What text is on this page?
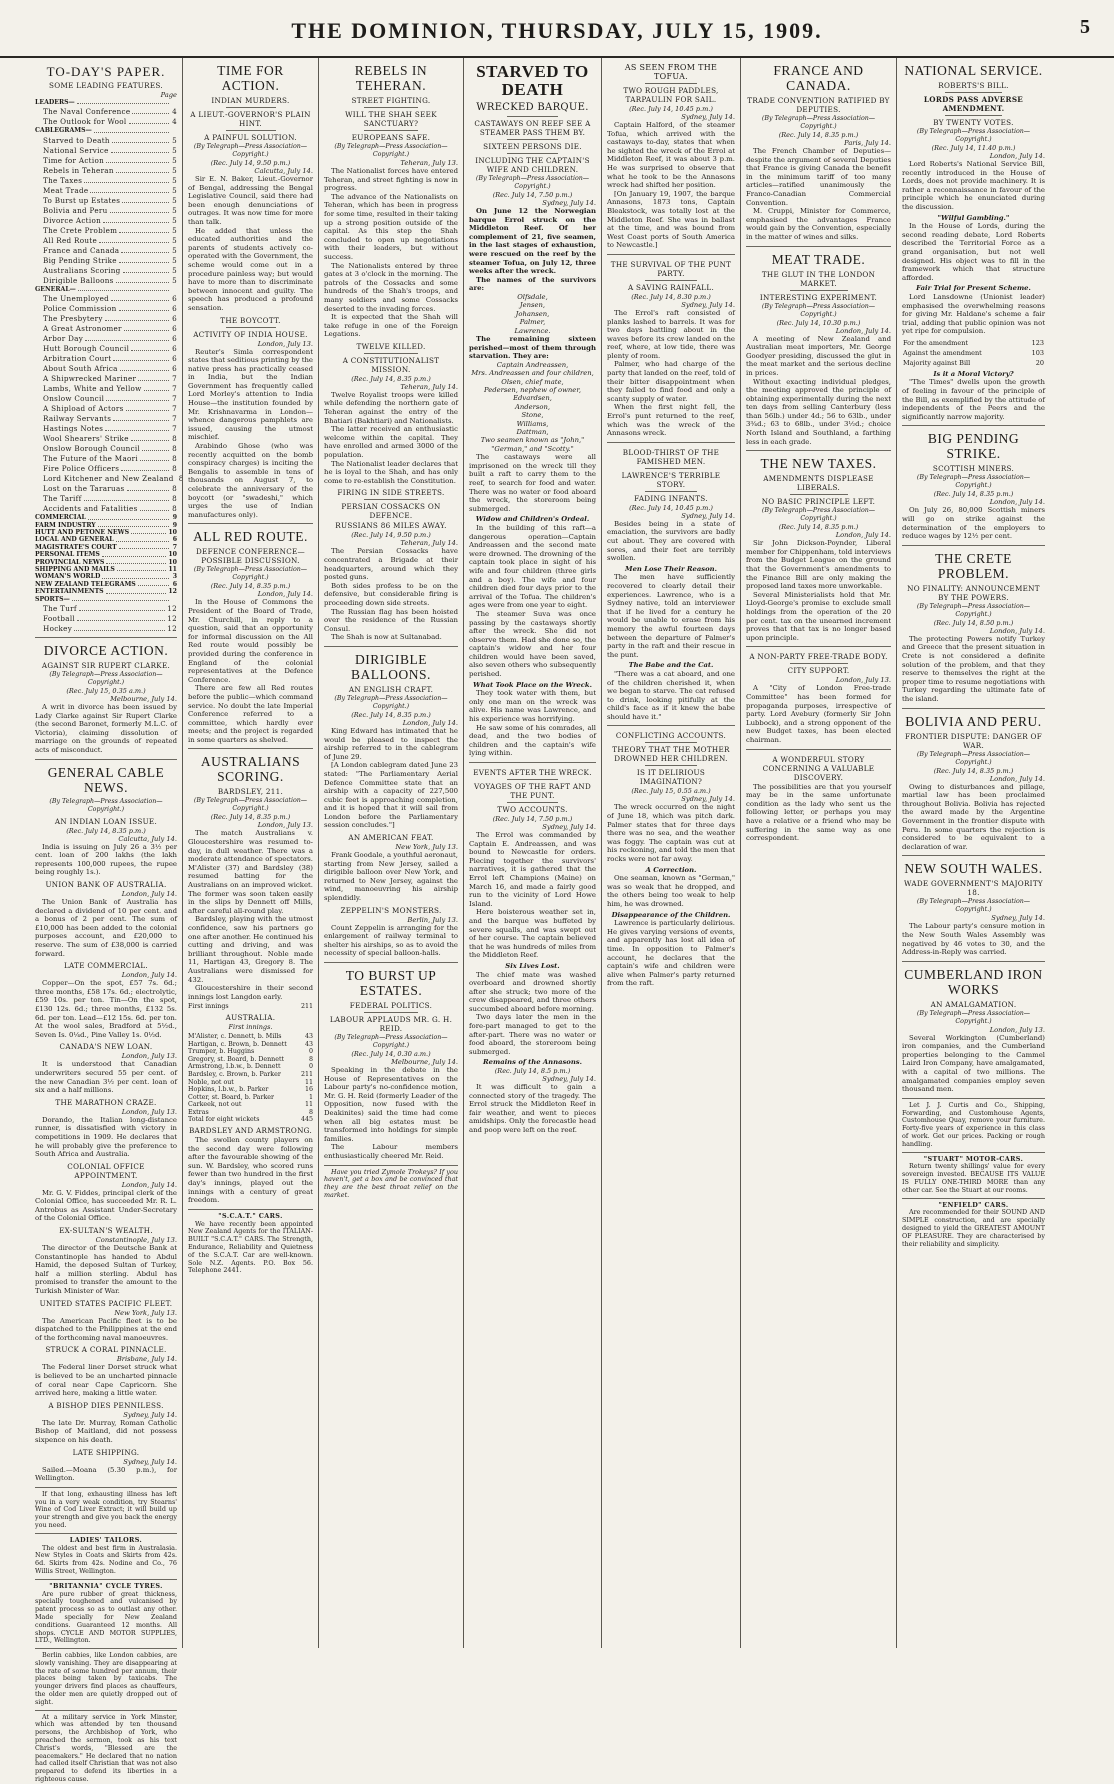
THE DOMINION, THURSDAY, JULY 15, 1909.	5
TO-DAY'S PAPER.
SOME LEADING FEATURES.
Page
LEADERS—
The Naval Conference	4
The Outlook for Wool	4
CABLEGRAMS—
Starved to Death	5
National Service	5
Time for Action	5
Rebels in Teheran	5
The Taxes	5
Meat Trade	5
To Burst up Estates	5
Bolivia and Peru	5
Divorce Action	5
The Crete Problem	5
All Red Route	5
France and Canada	5
Big Pending Strike	5
Australians Scoring	5
Dirigible Balloons	5
GENERAL—
The Unemployed	6
Police Commission	6
The Presbytery	6
A Great Astronomer	6
Arbor Day	6
Hutt Borough Council	6
Arbitration Court	6
About South Africa	6
A Shipwrecked Mariner	7
Lambs, White and Yellow	7
Onslow Council	7
A Shipload of Actors	7
Railway Servants	7
Hastings Notes	7
Wool Shearers' Strike	8
Onslow Borough Council	8
The Future of the Maori	8
Fire Police Officers	8
Lord Kitchener and New Zealand 8
Lost on the Tararuas	8
The Tariff	8
Accidents and Fatalities	8
COMMERCIAL	9
FARM INDUSTRY	9
HUTT AND PETONE NEWS	10
LOCAL AND GENERAL	6
MAGISTRATE'S COURT	7
PERSONAL ITEMS	10
PROVINCIAL NEWS	10
SHIPPING AND MAILS	11
WOMAN'S WORLD	3
NEW ZEALAND TELEGRAMS	6
ENTERTAINMENTS	12
SPORTS—
The Turf	12
Football	12
Hockey	12
DIVORCE ACTION.
AGAINST SIR RUPERT CLARKE.
(By Telegraph—Press Association—Copyright.)
(Rec. July 15, 0.35 a.m.)
Melbourne, July 14.

A writ in divorce has been issued by Lady Clarke against Sir Rupert Clarke (the second Baronet, formerly M.L.C. of Victoria), claiming dissolution of marriage on the grounds of repeated acts of misconduct.

GENERAL CABLE NEWS.
(By Telegraph—Press Association—Copyright.)
AN INDIAN LOAN ISSUE.
(Rec. July 14, 8.35 p.m.)
Calcutta, July 14.

India is issuing on July 26 a 3½ per cent. loan of 200 lakhs (the lakh represents 100,000 rupees, the rupee being roughly 1s.).

UNION BANK OF AUSTRALIA.
London, July 14.

The Union Bank of Australia has declared a dividend of 10 per cent. and a bonus of 2 per cent. The sum of £10,000 has been added to the colonial purposes account, and £20,000 to reserve. The sum of £38,000 is carried forward.

LATE COMMERCIAL.
London, July 14.

Copper—On the spot, £57 7s. 6d.; three months, £58 17s. 6d.; electrolytic, £59 10s. per ton. Tin—On the spot, £130 12s. 6d.; three months, £132 5s. 6d. per ton. Lead—£12 15s. 6d. per ton. At the wool sales, Bradford at 5½d., Seven Is. 0¼d., Pine Valley 1s. 0½d.

CANADA'S NEW LOAN.
London, July 13.

It is understood that Canadian underwriters secured 55 per cent. of the new Canadian 3½ per cent. loan of six and a half millions.

THE MARATHON CRAZE.
London, July 13.

Dorando, the Italian long-distance runner, is dissatisfied with victory in competitions in 1909. He declares that he will probably give the preference to South Africa and Australia.

COLONIAL OFFICE APPOINTMENT.
London, July 14.

Mr. G. V. Fiddes, principal clerk of the Colonial Office, has succeeded Mr. R. L. Antrobus as Assistant Under-Secretary of the Colonial Office.

EX-SULTAN'S WEALTH.
Constantinople, July 13.

The director of the Deutsche Bank at Constantinople has handed to Abdul Hamid, the deposed Sultan of Turkey, half a million sterling. Abdul has promised to transfer the amount to the Turkish Minister of War.

UNITED STATES PACIFIC FLEET.
New York, July 13.

The American Pacific fleet is to be dispatched to the Philippines at the end of the forthcoming naval manoeuvres.

STRUCK A CORAL PINNACLE.
Brisbane, July 14.

The Federal liner Dorset struck what is believed to be an uncharted pinnacle of coral near Cape Capricorn. She arrived here, making a little water.

A BISHOP DIES PENNILESS.
Sydney, July 14.

The late Dr. Murray, Roman Catholic Bishop of Maitland, did not possess sixpence on his death.

LATE SHIPPING.
Sydney, July 14.

Sailed.—Moana (5.30 p.m.), for Wellington.

If that long, exhausting illness has left you in a very weak condition, try Stearns' Wine of Cod Liver Extract; it will build up your strength and give you back the energy you need.

LADIES' TAILORS.

The oldest and best firm in Australasia. New Styles in Coats and Skirts from 42s. 6d. Skirts from 42s. Nodine and Co., 76 Willis Street, Wellington.

"BRITANNIA" CYCLE TYRES.

Are pure rubber of great thickness, specially toughened and vulcanised by patent process so as to outlast any other. Made specially for New Zealand conditions. Guaranteed 12 months. All shops. CYCLE AND MOTOR SUPPLIES, LTD., Wellington.

Berlin cabbies, like London cabbies, are slowly vanishing. They are disappearing at the rate of some hundred per annum, their places being taken by taxicabs. The younger drivers find places as chauffeurs, the older men are quietly dropped out of sight.

At a military service in York Minster, which was attended by ten thousand persons, the Archbishop of York, who preached the sermon, took as his text Christ's words, "Blessed are the peacemakers." He declared that no nation had called itself Christian that was not also prepared to defend its liberties in a righteous cause.

TIME FOR ACTION.
INDIAN MURDERS.
A LIEUT.-GOVERNOR'S PLAIN HINT.
A PAINFUL SOLUTION.
(By Telegraph—Press Association—Copyright.)
(Rec. July 14, 9.50 p.m.)
Calcutta, July 14.

Sir E. N. Baker, Lieut.-Governor of Bengal, addressing the Bengal Legislative Council, said there had been enough denunciations of outrages. It was now time for more than talk.

He added that unless the educated authorities and the parents of students actively co-operated with the Government, the scheme would come out in a procedure painless way; but would have to more than to discriminate between innocent and guilty. The speech has produced a profound sensation.

THE BOYCOTT.
ACTIVITY OF INDIA HOUSE.
London, July 13.

Reuter's Simla correspondent states that seditious printing by the native press has practically ceased in India, but the Indian Government has frequently called Lord Morley's attention to India House—the institution founded by Mr. Krishnavarma in London—whence dangerous pamphlets are issued, causing the utmost mischief.

Arabindo Ghose (who was recently acquitted on the bomb conspiracy charges) is inciting the Bengalis to assemble in tens of thousands on August 7, to celebrate the anniversary of the boycott (or "swadeshi," which urges the use of Indian manufactures only).

ALL RED ROUTE.
DEFENCE CONFERENCE—POSSIBLE DISCUSSION.
(By Telegraph—Press Association—Copyright.)
(Rec. July 14, 8.35 p.m.)
London, July 14.

In the House of Commons the President of the Board of Trade, Mr. Churchill, in reply to a question, said that an opportunity for informal discussion on the All Red route would possibly be provided during the conference in England of the colonial representatives at the Defence Conference.

There are few all Red routes before the public—which command service. No doubt the late Imperial Conference referred to a committee, which hardly ever meets; and the project is regarded in some quarters as shelved.

AUSTRALIANS SCORING.
BARDSLEY, 211.
(By Telegraph—Press Association—Copyright.)
(Rec. July 14, 8.35 p.m.)
London, July 13.

The match Australians v. Gloucestershire was resumed to-day, in dull weather. There was a moderate attendance of spectators. M'Alister (37) and Bardsley (38) resumed batting for the Australians on an improved wicket. The former was soon taken easily in the slips by Dennett off Mills, after careful all-round play.

Bardsley, playing with the utmost confidence, saw his partners go one after another. He continued his cutting and driving, and was brilliant throughout. Noble made 11, Hartigan 43, Gregory 8. The Australians were dismissed for 432.

Gloucestershire in their second innings lost Langdon early.

First innings	211
AUSTRALIA.
First innings.
M'Alister, c. Dennett, b. Mills	43
Hartigan, c. Brown, b. Dennett	43
Trumper, b. Huggins	0
Gregory, st. Board, b. Dennett	8
Armstrong, l.b.w., b. Dennett	0
Bardsley, c. Brown, b. Parker	211
Noble, not out	11
Hopkins, l.b.w., b. Parker	16
Cotter, st. Board, b. Parker	1
Carkeek, not out	11
Extras	8
Total for eight wickets	445
BARDSLEY AND ARMSTRONG.

The swollen county players on the second day were following after the favourable showing of the sun. W. Bardsley, who scored runs fewer than two hundred in the first day's innings, played out the innings with a century of great freedom.

"S.C.A.T." CARS.

We have recently been appointed New Zealand Agents for the ITALIAN-BUILT "S.C.A.T." CARS. The Strength, Endurance, Reliability and Quietness of the S.C.A.T. Car are well-known. Sole N.Z. Agents. P.O. Box 56. Telephone 2441.

REBELS IN TEHERAN.
STREET FIGHTING.
WILL THE SHAH SEEK SANCTUARY?
EUROPEANS SAFE.
(By Telegraph—Press Association—Copyright.)
Teheran, July 13.

The Nationalist forces have entered Teheran, and street fighting is now in progress.

The advance of the Nationalists on Teheran, which has been in progress for some time, resulted in their taking up a strong position outside of the capital. As this step the Shah concluded to open up negotiations with their leaders, but without success.

The Nationalists entered by three gates at 3 o'clock in the morning. The patrols of the Cossacks and some hundreds of the Shah's troops, and many soldiers and some Cossacks deserted to the invading forces.

It is expected that the Shah will take refuge in one of the Foreign Legations.

TWELVE KILLED.
A CONSTITUTIONALIST MISSION.
(Rec. July 14, 8.35 p.m.)
Teheran, July 14.

Twelve Royalist troops were killed while defending the northern gate of Teheran against the entry of the Bhatiari (Bakhtiari) and Nationalists.

The latter received an enthusiastic welcome within the capital. They have enrolled and armed 3000 of the population.

The Nationalist leader declares that he is loyal to the Shah, and has only come to re-establish the Constitution.

FIRING IN SIDE STREETS.
PERSIAN COSSACKS ON DEFENCE.
RUSSIANS 86 MILES AWAY.
(Rec. July 14, 9.50 p.m.)
Teheran, July 14.

The Persian Cossacks have concentrated a Brigade at their headquarters, around which they posted guns.

Both sides profess to be on the defensive, but considerable firing is proceeding down side streets.

The Russian flag has been hoisted over the residence of the Russian Consul.

The Shah is now at Sultanabad.

DIRIGIBLE BALLOONS.
AN ENGLISH CRAFT.
(By Telegraph—Press Association—Copyright.)
(Rec. July 14, 8.35 p.m.)
London, July 14.

King Edward has intimated that he would be pleased to inspect the airship referred to in the cablegram of June 29.

[A London cablegram dated June 23 stated: "The Parliamentary Aerial Defence Committee state that an airship with a capacity of 227,500 cubic feet is approaching completion, and it is hoped that it will sail from London before the Parliamentary session concludes."]

AN AMERICAN FEAT.
New York, July 13.

Frank Goodale, a youthful aeronaut, starting from New Jersey, sailed a dirigible balloon over New York, and returned to New Jersey, against the wind, manoeuvring his airship splendidly.

ZEPPELIN'S MONSTERS.
Berlin, July 13.

Count Zeppelin is arranging for the enlargement of railway terminal to shelter his airships, so as to avoid the necessity of special balloon-halls.

TO BURST UP ESTATES.
FEDERAL POLITICS.
LABOUR APPLAUDS MR. G. H. REID.
(By Telegraph—Press Association—Copyright.)
(Rec. July 14, 0.30 a.m.)
Melbourne, July 14.

Speaking in the debate in the House of Representatives on the Labour party's no-confidence motion, Mr. G. H. Reid (formerly Leader of the Opposition, now fused with the Deakinites) said the time had come when all big estates must be transformed into holdings for simple families.

The Labour members enthusiastically cheered Mr. Reid.

Have you tried Zymole Trokeys? If you haven't, get a box and be convinced that they are the best throat relief on the market.

STARVED TO DEATH
WRECKED BARQUE.
CASTAWAYS ON REEF SEE A STEAMER PASS THEM BY.
SIXTEEN PERSONS DIE.
INCLUDING THE CAPTAIN'S WIFE AND CHILDREN.
(By Telegraph—Press Association—Copyright.)
(Rec. July 14, 7.50 p.m.)
Sydney, July 14.

On June 12 the Norwegian barque Errol struck on the Middleton Reef. Of her complement of 21, five seamen, in the last stages of exhaustion, were rescued on the reef by the steamer Tofua, on July 12, three weeks after the wreck.

The names of the survivors are:

Olfsdale,
Jensen,
Johansen,
Palmer,
Lawrence.

The remaining sixteen perished—most of them through starvation. They are:

Captain Andreassen,
Mrs. Andreassen and four children,
Olsen, chief mate,
Pedersen, nephew of owner,
Edvardsen,
Anderson,
Stone,
Williams,
Dattman,
Two seamen known as "John," "German," and "Scotty."

The castaways were all imprisoned on the wreck till they built a raft to carry them to the reef, to search for food and water. There was no water or food aboard the wreck, the storeroom being submerged.

Widow and Children's Ordeal.

In the building of this raft—a dangerous operation—Captain Andreassen and the second mate were drowned. The drowning of the captain took place in sight of his wife and four children (three girls and a boy). The wife and four children died four days prior to the arrival of the Tofua. The children's ages were from one year to eight.

The steamer Suva was once passing by the castaways shortly after the wreck. She did not observe them. Had she done so, the captain's widow and her four children would have been saved, also seven others who subsequently perished.

What Took Place on the Wreck.

They took water with them, but only one man on the wreck was alive. His name was Lawrence, and his experience was horrifying.

He saw some of his comrades, all dead, and the two bodies of children and the captain's wife lying within.

EVENTS AFTER THE WRECK.
VOYAGES OF THE RAFT AND THE PUNT.
TWO ACCOUNTS.
(Rec. July 14, 7.50 p.m.)
Sydney, July 14.

The Errol was commanded by Captain E. Andreassen, and was bound to Newcastle for orders. Piecing together the survivors' narratives, it is gathered that the Errol left Champions (Maine) on March 16, and made a fairly good run to the vicinity of Lord Howe Island.

Here boisterous weather set in, and the barque was buffeted by severe squalls, and was swept out of her course. The captain believed that he was hundreds of miles from the Middleton Reef.

Six Lives Lost.

The chief mate was washed overboard and drowned shortly after she struck; two more of the crew disappeared, and three others succumbed aboard before morning.

Two days later the men in the fore-part managed to get to the after-part. There was no water or food aboard, the storeroom being submerged.

Remains of the Annasons.
(Rec. July 14, 8.5 p.m.)
Sydney, July 14.

It was difficult to gain a connected story of the tragedy. The Errol struck the Middleton Reef in fair weather, and went to pieces amidships. Only the forecastle head and poop were left on the reef.

AS SEEN FROM THE TOFUA.
TWO ROUGH PADDLES, TARPAULIN FOR SAIL.
(Rec. July 14, 10.45 p.m.)
Sydney, July 14.

Captain Halford, of the steamer Tofua, which arrived with the castaways to-day, states that when he sighted the wreck of the Errol at Middleton Reef, it was about 3 p.m. He was surprised to observe that what he took to be the Annasons wreck had shifted her position.

[On January 19, 1907, the barque Annasons, 1873 tons, Captain Bleakstock, was totally lost at the Middleton Reef. She was in ballast at the time, and was bound from West Coast ports of South America to Newcastle.]

THE SURVIVAL OF THE PUNT PARTY.
A SAVING RAINFALL.
(Rec. July 14, 8.30 p.m.)
Sydney, July 14.

The Errol's raft consisted of planks lashed to barrels. It was for two days battling about in the waves before its crew landed on the reef, where, at low tide, there was plenty of room.

Palmer, who had charge of the party that landed on the reef, told of their bitter disappointment when they failed to find food and only a scanty supply of water.

When the first night fell, the Errol's punt returned to the reef, which was the wreck of the Annasons wreck.

BLOOD-THIRST OF THE FAMISHED MEN.
LAWRENCE'S TERRIBLE STORY.
FADING INFANTS.
(Rec. July 14, 10.45 p.m.)
Sydney, July 14.

Besides being in a state of emaciation, the survivors are badly cut about. They are covered with sores, and their feet are terribly swollen.

Men Lose Their Reason.

The men have sufficiently recovered to clearly detail their experiences. Lawrence, who is a Sydney native, told an interviewer that if he lived for a century he would be unable to erase from his memory the awful fourteen days between the departure of Palmer's party in the raft and their rescue in the punt.

The Babe and the Cat.

"There was a cat aboard, and one of the children cherished it, when we began to starve. The cat refused to drink, looking pitifully at the child's face as if it knew the babe should have it."

CONFLICTING ACCOUNTS.
THEORY THAT THE MOTHER DROWNED HER CHILDREN.
IS IT DELIRIOUS IMAGINATION?
(Rec. July 15, 0.55 a.m.)
Sydney, July 14.

The wreck occurred on the night of June 18, which was pitch dark. Palmer states that for three days there was no sea, and the weather was foggy. The captain was cut at his reckoning, and told the men that rocks were not far away.

A Correction.

One seaman, known as "German," was so weak that he dropped, and the others being too weak to help him, he was drowned.

Disappearance of the Children.

Lawrence is particularly delirious. He gives varying versions of events, and apparently has lost all idea of time. In opposition to Palmer's account, he declares that the captain's wife and children were alive when Palmer's party returned from the raft.

FRANCE AND CANADA.
TRADE CONVENTION RATIFIED BY DEPUTIES.
(By Telegraph—Press Association—Copyright.)
(Rec. July 14, 8.35 p.m.)
Paris, July 14.

The French Chamber of Deputies—despite the argument of several Deputies that France is giving Canada the benefit in the minimum tariff of too many articles—ratified unanimously the Franco-Canadian Commercial Convention.

M. Cruppi, Minister for Commerce, emphasised the advantages France would gain by the Convention, especially in the matter of wines and silks.

MEAT TRADE.
THE GLUT IN THE LONDON MARKET.
INTERESTING EXPERIMENT.
(By Telegraph—Press Association—Copyright.)
(Rec. July 14, 10.30 p.m.)
London, July 14.

A meeting of New Zealand and Australian meat importers, Mr. George Goodyer presiding, discussed the glut in the meat market and the serious decline in prices.

Without exacting individual pledges, the meeting approved the principle of obtaining experimentally during the next ten days from selling Canterbury (less than 56lb.) under 4d.; 56 to 63lb., under 3¾d.; 63 to 68lb., under 3½d.; choice North Island and Southland, a farthing less in each grade.

THE NEW TAXES.
AMENDMENTS DISPLEASE LIBERALS.
NO BASIC PRINCIPLE LEFT.
(By Telegraph—Press Association—Copyright.)
(Rec. July 14, 8.35 p.m.)
London, July 14.

Sir John Dickson-Poynder, Liberal member for Chippenham, told interviews from the Budget League on the ground that the Government's amendments to the Finance Bill are only making the proposed land taxes more unworkable.

Several Ministerialists hold that Mr. Lloyd-George's promise to exclude small holdings from the operation of the 20 per cent. tax on the unearned increment proves that that tax is no longer based upon principle.

A NON-PARTY FREE-TRADE BODY.
CITY SUPPORT.
London, July 13.

A "City of London Free-trade Committee" has been formed for propaganda purposes, irrespective of party. Lord Avebury (formerly Sir John Lubbock), and a strong opponent of the new Budget taxes, has been elected chairman.

A WONDERFUL STORY CONCERNING A VALUABLE DISCOVERY.

The possibilities are that you yourself may be in the same unfortunate condition as the lady who sent us the following letter, or perhaps you may have a relative or a friend who may be suffering in the same way as one correspondent.

NATIONAL SERVICE.
ROBERTS'S BILL.
LORDS PASS ADVERSE AMENDMENT.
BY TWENTY VOTES.
(By Telegraph—Press Association—Copyright.)
(Rec. July 14, 11.40 p.m.)
London, July 14.

Lord Roberts's National Service Bill, recently introduced in the House of Lords, does not provide machinery. It is rather a reconnaissance in favour of the principle which he enunciated during the discussion.

"Wilful Gambling."

In the House of Lords, during the second reading debate, Lord Roberts described the Territorial Force as a grand organisation, but not well designed. His object was to fill in the framework which that structure afforded.

Fair Trial for Present Scheme.

Lord Lansdowne (Unionist leader) emphasised the overwhelming reasons for giving Mr. Haldane's scheme a fair trial, adding that public opinion was not yet ripe for compulsion.

For the amendment	123
Against the amendment	103
Majority against Bill	20
Is it a Moral Victory?

"The Times" dwells upon the growth of feeling in favour of the principle of the Bill, as exemplified by the attitude of independents of the Peers and the significantly narrow majority.

BIG PENDING STRIKE.
SCOTTISH MINERS.
(By Telegraph—Press Association—Copyright.)
(Rec. July 14, 8.35 p.m.)
London, July 14.

On July 26, 80,000 Scottish miners will go on strike against the determination of the employers to reduce wages by 12½ per cent.

THE CRETE PROBLEM.
NO FINALITY: ANNOUNCEMENT BY THE POWERS.
(By Telegraph—Press Association—Copyright.)
(Rec. July 14, 8.50 p.m.)
London, July 14.

The protecting Powers notify Turkey and Greece that the present situation in Crete is not considered a definite solution of the problem, and that they reserve to themselves the right at the proper time to resume negotiations with Turkey regarding the ultimate fate of the island.

BOLIVIA AND PERU.
FRONTIER DISPUTE: DANGER OF WAR.
(By Telegraph—Press Association—Copyright.)
(Rec. July 14, 8.35 p.m.)
London, July 14.

Owing to disturbances and pillage, martial law has been proclaimed throughout Bolivia. Bolivia has rejected the award made by the Argentine Government in the frontier dispute with Peru. In some quarters the rejection is considered to be equivalent to a declaration of war.

NEW SOUTH WALES.
WADE GOVERNMENT'S MAJORITY 18.
(By Telegraph—Press Association—Copyright.)
Sydney, July 14.

The Labour party's censure motion in the New South Wales Assembly was negatived by 46 votes to 30, and the Address-in-Reply was carried.

CUMBERLAND IRON WORKS
AN AMALGAMATION.
(By Telegraph—Press Association—Copyright.)
London, July 13.

Several Workington (Cumberland) iron companies, and the Cumberland properties belonging to the Cammel Laird Iron Company, have amalgamated, with a capital of two millions. The amalgamated companies employ seven thousand men.

Let J. J. Curtis and Co., Shipping, Forwarding, and Customhouse Agents, Customhouse Quay, remove your furniture. Forty-five years of experience in this class of work. Get our prices. Packing or rough handling.

"STUART" MOTOR-CARS.

Return twenty shillings' value for every sovereign invested. BECAUSE ITS VALUE IS FULLY ONE-THIRD MORE than any other car. See the Stuart at our rooms.

"ENFIELD" CARS.

Are recommended for their SOUND AND SIMPLE construction, and are specially designed to yield the GREATEST AMOUNT OF PLEASURE. They are characterised by their reliability and simplicity.
